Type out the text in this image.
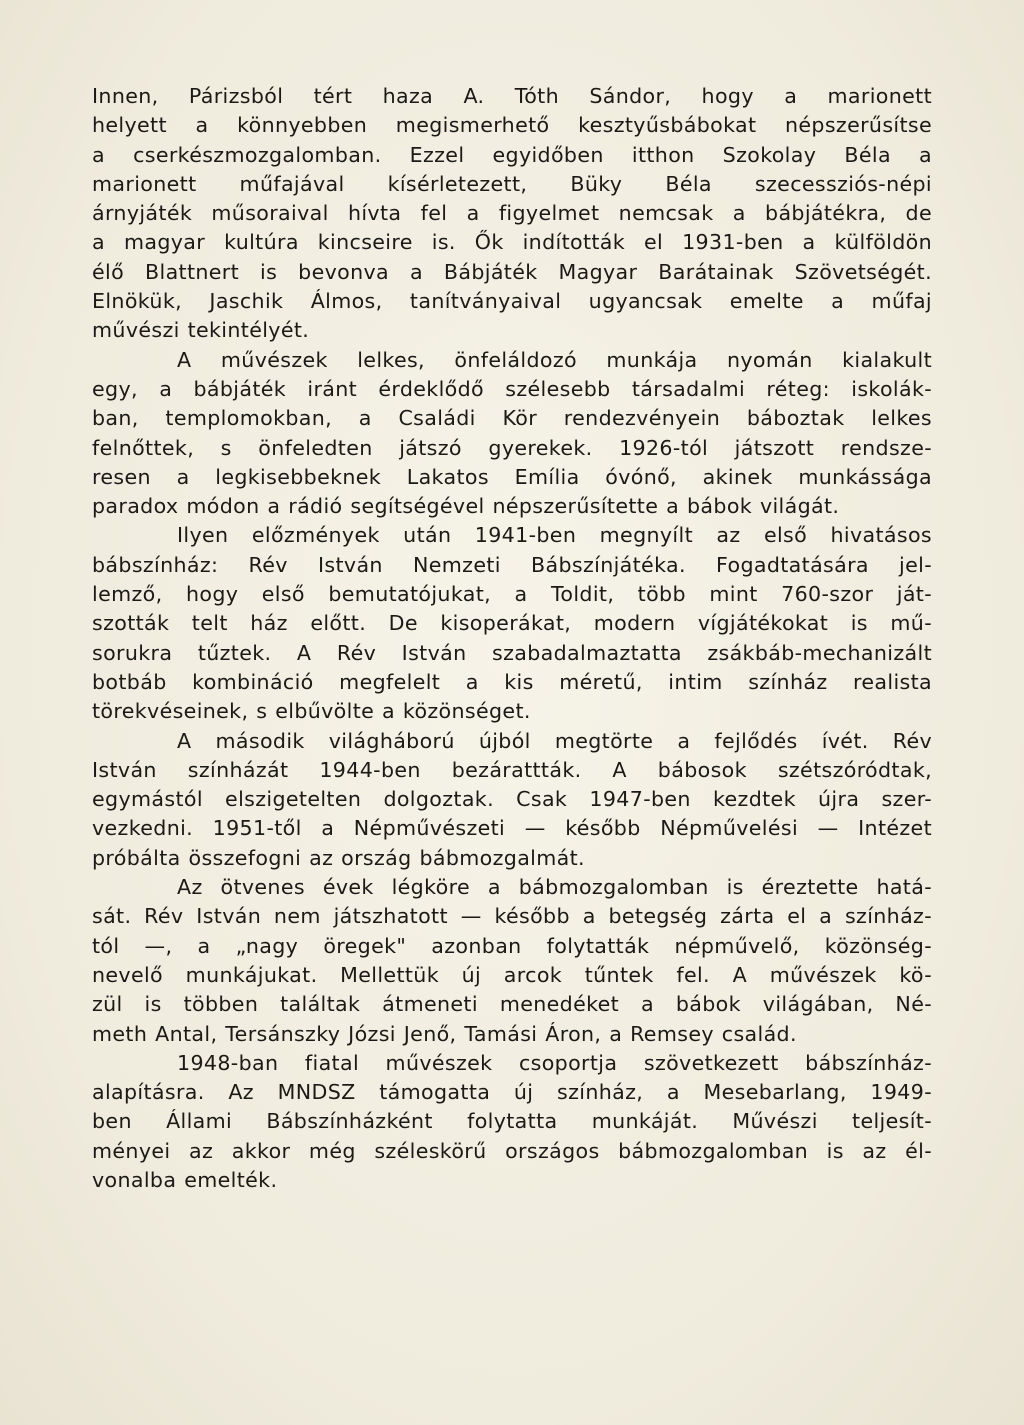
Innen, Párizsból tért haza A. Tóth Sándor, hogy a marionett
helyett a könnyebben megismerhető kesztyűsbábokat népszerűsítse
a cserkészmozgalomban. Ezzel egyidőben itthon Szokolay Béla a
marionett műfajával kísérletezett, Büky Béla szecessziós-népi
árnyjáték műsoraival hívta fel a figyelmet nemcsak a bábjátékra, de
a magyar kultúra kincseire is. Ők indították el 1931-ben a külföldön
élő Blattnert is bevonva a Bábjáték Magyar Barátainak Szövetségét.
Elnökük, Jaschik Álmos, tanítványaival ugyancsak emelte a műfaj
művészi tekintélyét.
A művészek lelkes, önfeláldozó munkája nyomán kialakult
egy, a bábjáték iránt érdeklődő szélesebb társadalmi réteg: iskolák-
ban, templomokban, a Családi Kör rendezvényein báboztak lelkes
felnőttek, s önfeledten játszó gyerekek. 1926-tól játszott rendsze-
resen a legkisebbeknek Lakatos Emília óvónő, akinek munkássága
paradox módon a rádió segítségével népszerűsítette a bábok világát.
Ilyen előzmények után 1941-ben megnyílt az első hivatásos
bábszínház: Rév István Nemzeti Bábszínjátéka. Fogadtatására jel-
lemző, hogy első bemutatójukat, a Toldit, több mint 760-szor ját-
szották telt ház előtt. De kisoperákat, modern vígjátékokat is mű-
sorukra tűztek. A Rév István szabadalmaztatta zsákbáb-mechanizált
botbáb kombináció megfelelt a kis méretű, intim színház realista
törekvéseinek, s elbűvölte a közönséget.
A második világháború újból megtörte a fejlődés ívét. Rév
István színházát 1944-ben bezárattták. A bábosok szétszóródtak,
egymástól elszigetelten dolgoztak. Csak 1947-ben kezdtek újra szer-
vezkedni. 1951-től a Népművészeti — később Népművelési — Intézet
próbálta összefogni az ország bábmozgalmát.
Az ötvenes évek légköre a bábmozgalomban is éreztette hatá-
sát. Rév István nem játszhatott — később a betegség zárta el a színház-
tól —, a „nagy öregek" azonban folytatták népművelő, közönség-
nevelő munkájukat. Mellettük új arcok tűntek fel. A művészek kö-
zül is többen találtak átmeneti menedéket a bábok világában, Né-
meth Antal, Tersánszky Józsi Jenő, Tamási Áron, a Remsey család.
1948-ban fiatal művészek csoportja szövetkezett bábszínház-
alapításra. Az MNDSZ támogatta új színház, a Mesebarlang, 1949-
ben Állami Bábszínházként folytatta munkáját. Művészi teljesít-
ményei az akkor még széleskörű országos bábmozgalomban is az él-
vonalba emelték.
